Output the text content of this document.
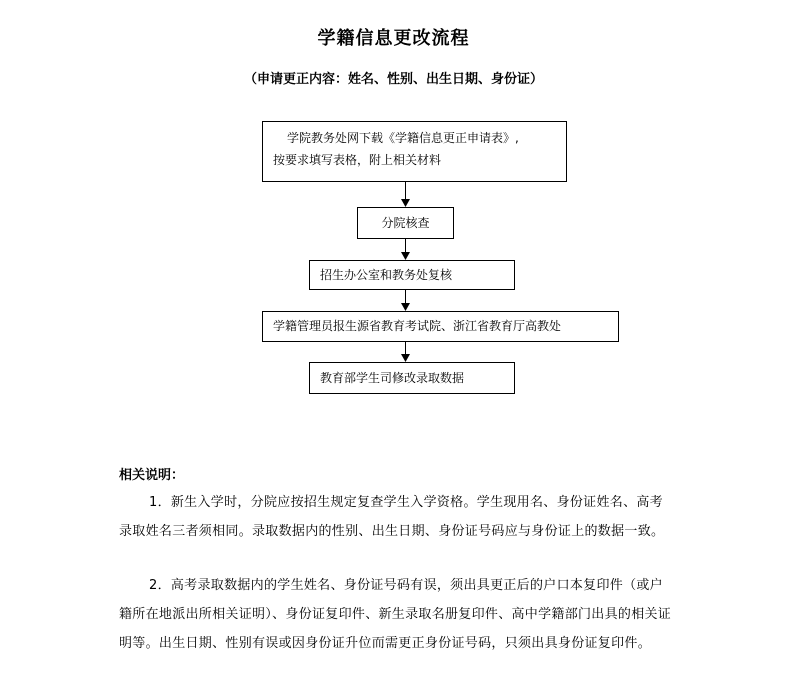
学籍信息更改流程
（申请更正内容：姓名、性别、出生日期、身份证）
学院教务处网下载《学籍信息更正申请表》,
按要求填写表格，附上相关材料
分院核查
招生办公室和教务处复核
学籍管理员报生源省教育考试院、浙江省教育厅高教处
教育部学生司修改录取数据
相关说明：
1．新生入学时，分院应按招生规定复查学生入学资格。学生现用名、身份证姓名、高考录取姓名三者须相同。录取数据内的性别、出生日期、身份证号码应与身份证上的数据一致。
2．高考录取数据内的学生姓名、身份证号码有误，须出具更正后的户口本复印件（或户籍所在地派出所相关证明）、身份证复印件、新生录取名册复印件、高中学籍部门出具的相关证明等。出生日期、性别有误或因身份证升位而需更正身份证号码，只须出具身份证复印件。
